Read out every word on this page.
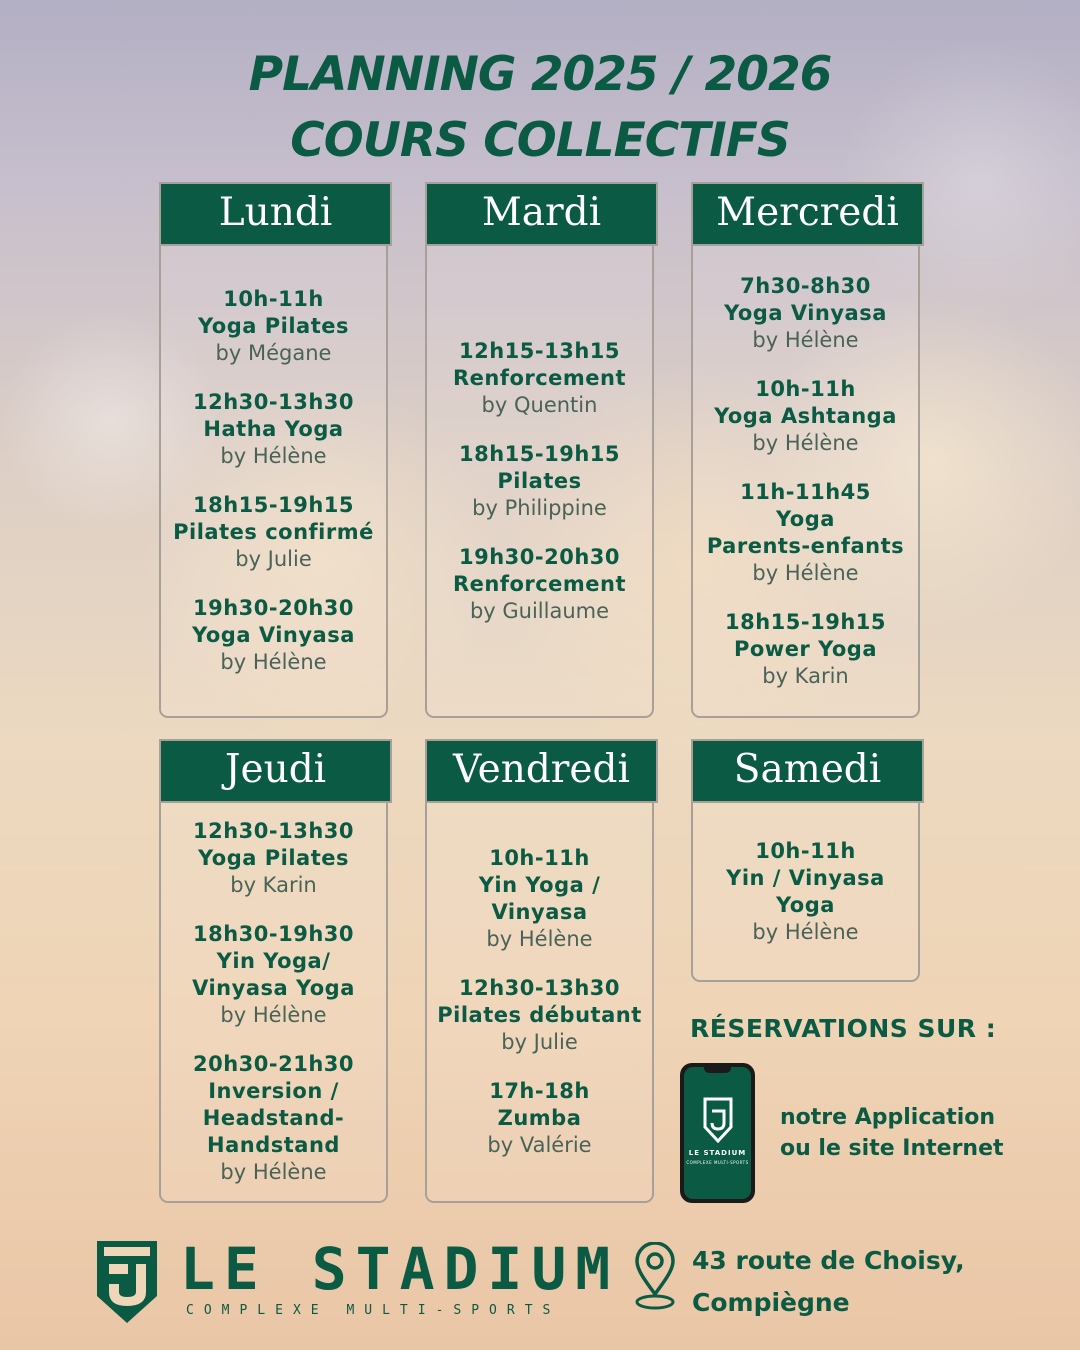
PLANNING 2025 / 2026
COURS COLLECTIFS
Lundi
10h-11h
Yoga Pilates
by Mégane
12h30-13h30
Hatha Yoga
by Hélène
18h15-19h15
Pilates confirmé
by Julie
19h30-20h30
Yoga Vinyasa
by Hélène
Mardi
12h15-13h15
Renforcement
by Quentin
18h15-19h15
Pilates
by Philippine
19h30-20h30
Renforcement
by Guillaume
Mercredi
7h30-8h30
Yoga Vinyasa
by Hélène
10h-11h
Yoga Ashtanga
by Hélène
11h-11h45
Yoga
Parents-enfants
by Hélène
18h15-19h15
Power Yoga
by Karin
Jeudi
12h30-13h30
Yoga Pilates
by Karin
18h30-19h30
Yin Yoga/
Vinyasa Yoga
by Hélène
20h30-21h30
Inversion /
Headstand-
Handstand
by Hélène
Vendredi
10h-11h
Yin Yoga /
Vinyasa
by Hélène
12h30-13h30
Pilates débutant
by Julie
17h-18h
Zumba
by Valérie
Samedi
10h-11h
Yin / Vinyasa
Yoga
by Hélène
RÉSERVATIONS SUR :
LE STADIUM
COMPLEXE MULTI-SPORTS
notre Application
ou le site Internet
LE STADIUM
COMPLEXE MULTI-SPORTS
43 route de Choisy,
Compiègne
